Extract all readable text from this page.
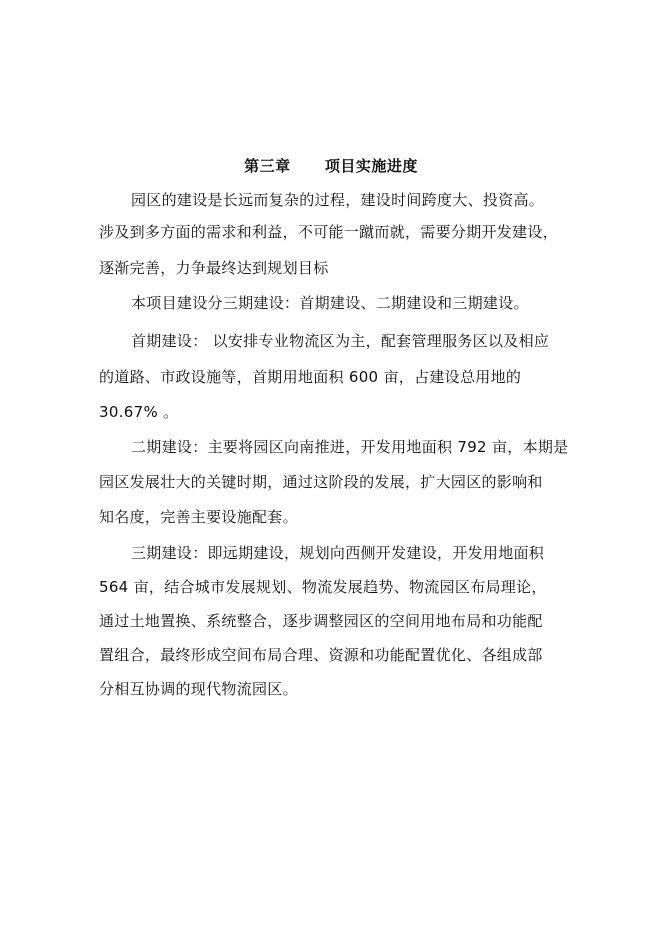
第三章      项目实施进度
园区的建设是长远而复杂的过程，建设时间跨度大、投资高。
涉及到多方面的需求和利益，不可能一蹴而就，需要分期开发建设，
逐渐完善，力争最终达到规划目标
本项目建设分三期建设：首期建设、二期建设和三期建设。
首期建设： 以安排专业物流区为主，配套管理服务区以及相应
的道路、市政设施等，首期用地面积 600 亩，占建设总用地的
30.67% 。
二期建设：主要将园区向南推进，开发用地面积 792 亩，本期是
园区发展壮大的关键时期，通过这阶段的发展，扩大园区的影响和
知名度，完善主要设施配套。
三期建设：即远期建设，规划向西侧开发建设，开发用地面积
564 亩，结合城市发展规划、物流发展趋势、物流园区布局理论，
通过土地置换、系统整合，逐步调整园区的空间用地布局和功能配
置组合，最终形成空间布局合理、资源和功能配置优化、各组成部
分相互协调的现代物流园区。
